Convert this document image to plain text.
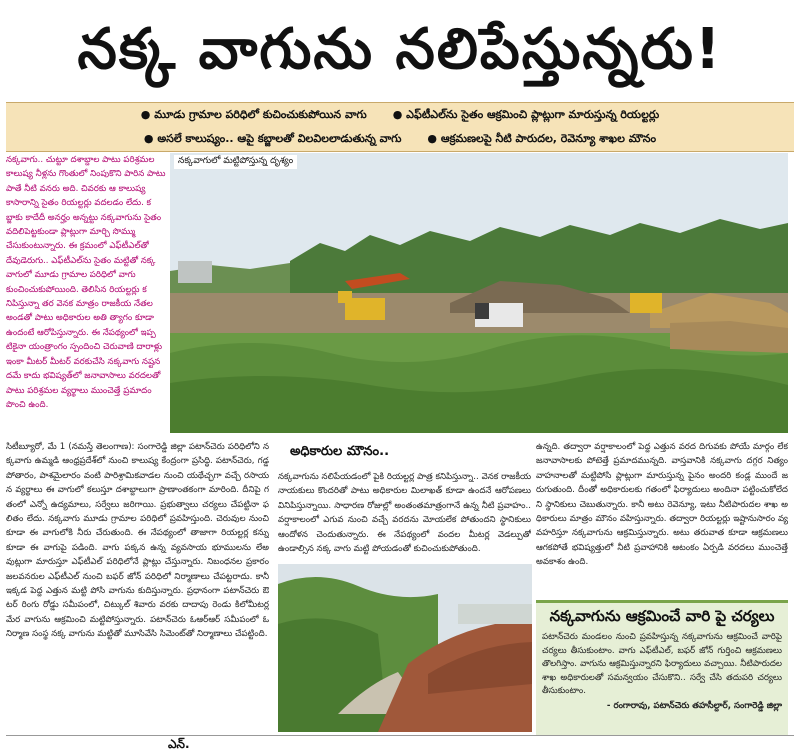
నక్క వాగును నలిపేస్తున్నరు!
● మూడు గ్రామాల పరిధిలో కుచించుకుపోయిన వాగు	● ఎఫ్‌టీఎల్‌ను సైతం ఆక్రమించి ప్లాట్లుగా మారుస్తున్న రియల్టర్లు
● అసలే కాలుష్యం.. ఆపై కబ్జాలతో విలవిలలాడుతున్న వాగు	● ఆక్రమణలపై నీటి పారుదల, రెవెన్యూ శాఖల మౌనం
నక్కవాగు.. చుట్టూ దశాబ్దాల పాటు పరిశ్రమల కాలుష్య నీళ్లను గొంతులో నింపుకొని పారిన పాటు పాతే నీటి వనరు అది. చివరకు ఆ కాలుష్య కాసారాన్ని సైతం రియల్టర్లు వదలడం లేదు. కబ్జాకు కాదేదీ అనర్హం అన్నట్టు నక్కవాగును సైతం వదిలిపెట్టకుండా ప్లాట్లుగా మార్చి సొమ్ము చేసుకుంటున్నారు. ఈ క్రమంలో ఎఫ్‌టీఎల్‌తో దేవుడెరుగు.. ఎఫ్‌టీఎల్‌ను సైతం మట్టితో నక్కవాగులో మూడు గ్రామాల పరిధిలో వాగు కుంచించుకుపోయింది. తెలిసిన రియల్టర్లు కనిపిస్తున్నా తర వెనక మాత్రం రాజకీయ నేతల అండతో పాటు అధికారుల అతి త్యాగం కూడా ఉందంటే ఆరోపిస్తున్నారు. ఈ నేపథ్యంలో ఇప్పటికైనా యంత్రాంగం స్పందించి చెరువాణి దారాళ్లు ఇంకా మీటర్ మీటర్ వరకుచేసి నక్కవాగు నష్టనదమే కాదు భవిష్యత్‌లో జనావాసాలు వరదలతో పాటు పరిశ్రమల వ్యర్థాలు ముంచెత్తే ప్రమాదం పొంచి ఉంది.
నక్కవాగులో మట్టిపోస్తున్న దృశ్యం
సిటీబ్యూరో, మే 1 (నమస్తే తెలంగాణ): సంగారెడ్డి జిల్లా పటాన్‌చెరు పరిధిలోని నక్కవాగు ఉమ్మడి ఆంధ్రప్రదేశ్‌లో నుంచి కాలుష్య కేంద్రంగా ప్రసిద్ధి. పటాన్‌చెరు, గడ్డపోతారం, పాశమైలారం వంటి పారిశ్రామికవాడల నుంచి యథేచ్ఛగా వచ్చే రసాయన వ్యర్థాలు ఈ వాగులో కలుస్తూ దశాబ్దాలుగా ప్రాణాంతకంగా మారింది. దీనిపై గతంలో ఎన్నో ఉద్యమాలు, సర్వేలు జరిగాయి. ప్రభుత్వాలు చర్యలు చేపట్టినా ఫలితం లేదు. నక్కవాగు మూడు గ్రామాల పరిధిలో ప్రవహిస్తుంది. చెరువుల నుంచి కూడా ఈ వాగులోకి నీరు చేరుతుంది. ఈ నేపథ్యంలో తాజాగా రియల్టర్ల కన్ను కూడా ఈ వాగుపై పడింది. వాగు పక్కన ఉన్న వ్యవసాయ భూములను లేఅవుట్లుగా మారుస్తూ ఎఫ్‌టీఎల్ పరిధిలోనే ప్లాట్లు చేస్తున్నారు. నిబంధనల ప్రకారం జలవనరుల ఎఫ్‌టీఎల్ నుంచి బఫర్ జోన్ పరిధిలో నిర్మాణాలు చేపట్టరాదు. కానీ ఇక్కడ పెద్ద ఎత్తున మట్టి పోసి వాగును కుదిస్తున్నారు. ప్రధానంగా పటాన్‌చెరు ఔటర్ రింగు రోడ్డు సమీపంలో, చిట్కుల్ శివారు వరకు దాదాపు రెండు కిలోమీటర్ల మేర వాగును ఆక్రమించి మట్టిపోస్తున్నారు. పటాన్‌చెరు ఓఆర్ఆర్ సమీపంలో ఓ నిర్మాణ సంస్థ నక్క వాగును మట్టితో మూసివేసి సిమెంట్‌తో నిర్మాణాలు చేపట్టింది.
అధికారుల మౌనం..
నక్కవాగును నలిపేయడంలో పైకి రియల్టర్ల పాత్ర కనిపిస్తున్నా.. వెనక రాజకీయ నాయకులు కొందరితో పాటు అధికారుల మిలాఖత్ కూడా ఉందనే ఆరోపణలు వినిపిస్తున్నాయి. సాధారణ రోజుల్లో అంతంతమాత్రంగానే ఉన్న నీటి ప్రవాహం.. వర్షాకాలంలో ఎగువ నుంచి వచ్చే వరదను మోయలేక పోతుందని స్థానికులు ఆందోళన చెందుతున్నారు. ఈ నేపథ్యంలో వందల మీటర్ల వెడల్పుతో ఉండాల్సిన నక్క వాగు మట్టి పోయడంతో కుచించుకుపోతుంది.
ఉన్నది. తద్వారా వర్షాకాలంలో పెద్ద ఎత్తున వరద దిగువకు పోయే మార్గం లేక జనావాసాలకు పోటెత్తే ప్రమాదమున్నది. వాస్తవానికి నక్కవాగు దగ్గర నిత్యం వాహనాలతో మట్టిపోసి ప్లాట్లుగా మారుస్తున్న పైనం అందరి కండ్ల ముందే జరుగుతుంది. దీంతో అధికారులకు గతంలో ఫిర్యాదులు అందినా పట్టించుకోలేదని స్థానికులు చెబుతున్నారు. కానీ అటు రెవెన్యూ, ఇటు నీటిపారుదల శాఖ అధికారులు మాత్రం మౌనం వహిస్తున్నారు. తద్వారా రియల్టర్లు ఇష్టానుసారం వ్యవహరిస్తూ నక్కవాగును ఆక్రమిస్తున్నారు. అటు తరువాత కూడా ఆక్రమణలు ఆగకపోతే భవిష్యత్తులో నీటి ప్రవాహానికి ఆటంకం ఏర్పడి వరదలు ముంచెత్తే అవకాశం ఉంది.
నక్కవాగును ఆక్రమించే వారి పై చర్యలు
పటాన్‌చెరు మండలం నుంచి ప్రవహిస్తున్న నక్కవాగును ఆక్రమించే వారిపై చర్యలు తీసుకుంటాం. వాగు ఎఫ్‌టీఎల్, బఫర్ జోన్ గుర్తించి ఆక్రమణలు తొలగిస్తాం. వాగును ఆక్రమిస్తున్నారని ఫిర్యాదులు వచ్చాయి. నీటిపారుదల శాఖ అధికారులతో సమన్వయం చేసుకొని.. సర్వే చేసి తదుపరి చర్యలు తీసుకుంటాం.
- రంగారావు, పటాన్‌చెరు తహసీల్దార్, సంగారెడ్డి జిల్లా
ఎన్.
